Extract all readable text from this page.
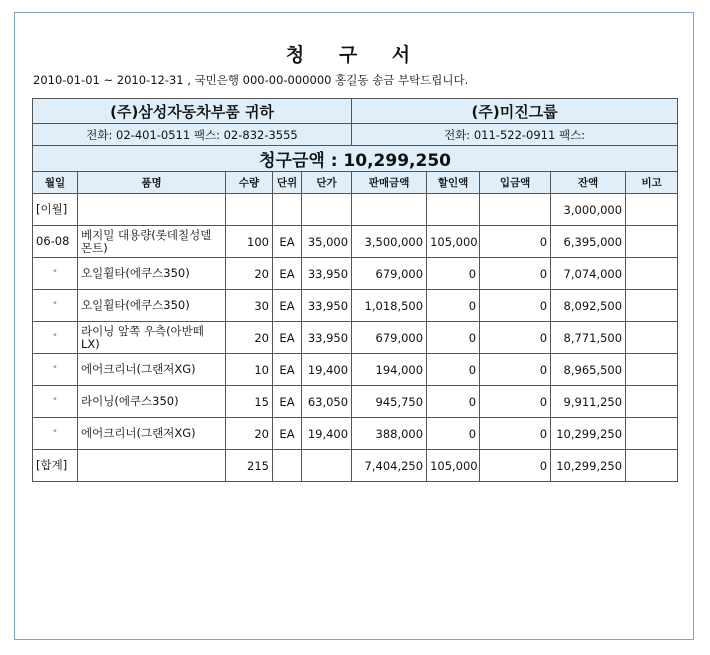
청 구 서
2010-01-01 ~ 2010-12-31 , 국민은행 000-00-000000 홍길동 송금 부탁드립니다.
(주)삼성자동차부품 귀하					(주)미진그룹				
전화: 02-401-0511 팩스: 02-832-3555					전화: 011-522-0911 팩스:				
청구금액 : 10,299,250									
월일	품명	수량	단위	단가	판매금액	할인액	입금액	잔액	비고
[이월]								3,000,000	
06-08	베지밀 대용량(롯데칠성델몬트)	100	EA	35,000	3,500,000	105,000	0	6,395,000	
"	오일휠타(에쿠스350)	20	EA	33,950	679,000	0	0	7,074,000	
"	오일휠타(에쿠스350)	30	EA	33,950	1,018,500	0	0	8,092,500	
"	라이닝 앞쪽 우측(아반떼LX)	20	EA	33,950	679,000	0	0	8,771,500	
"	에어크리너(그랜저XG)	10	EA	19,400	194,000	0	0	8,965,500	
"	라이닝(에쿠스350)	15	EA	63,050	945,750	0	0	9,911,250	
"	에어크리너(그랜저XG)	20	EA	19,400	388,000	0	0	10,299,250	
[합계]		215			7,404,250	105,000	0	10,299,250	
